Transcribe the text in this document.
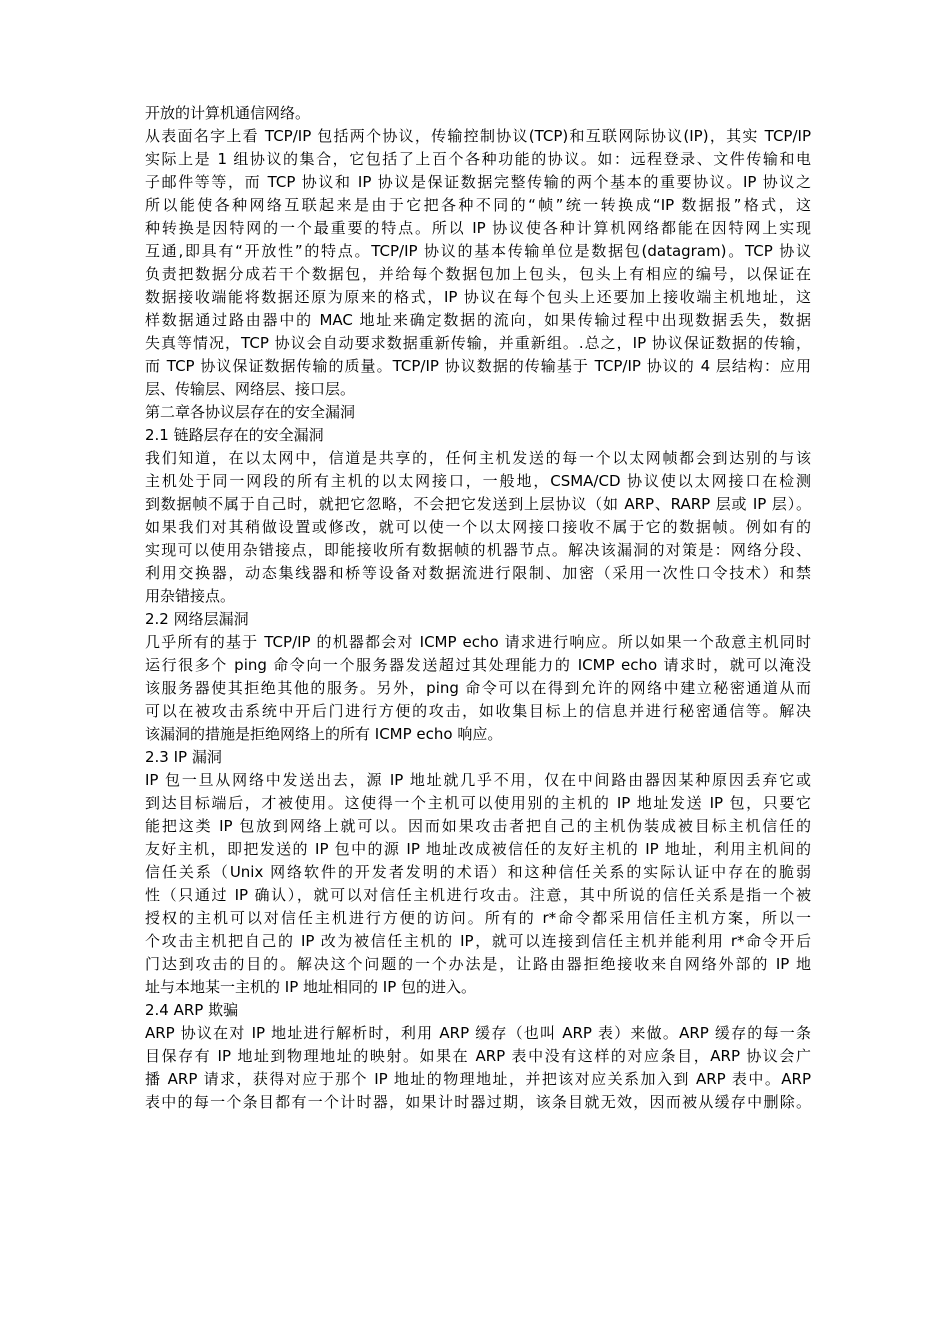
开放的计算机通信网络。
从表面名字上看 TCP/IP 包括两个协议，传输控制协议(TCP)和互联网际协议(IP)，其实 TCP/IP
实际上是 1 组协议的集合，它包括了上百个各种功能的协议。如：远程登录、文件传输和电
子邮件等等，而 TCP 协议和 IP 协议是保证数据完整传输的两个基本的重要协议。IP 协议之
所以能使各种网络互联起来是由于它把各种不同的“帧”统一转换成“IP 数据报”格式，这
种转换是因特网的一个最重要的特点。所以 IP 协议使各种计算机网络都能在因特网上实现
互通,即具有“开放性”的特点。TCP/IP 协议的基本传输单位是数据包(datagram)。TCP 协议
负责把数据分成若干个数据包，并给每个数据包加上包头，包头上有相应的编号，以保证在
数据接收端能将数据还原为原来的格式，IP 协议在每个包头上还要加上接收端主机地址，这
样数据通过路由器中的 MAC 地址来确定数据的流向，如果传输过程中出现数据丢失，数据
失真等情况，TCP 协议会自动要求数据重新传输，并重新组。.总之，IP 协议保证数据的传输，
而 TCP 协议保证数据传输的质量。TCP/IP 协议数据的传输基于 TCP/IP 协议的 4 层结构：应用
层、传输层、网络层、接口层。
第二章各协议层存在的安全漏洞
2.1 链路层存在的安全漏洞
我们知道，在以太网中，信道是共享的，任何主机发送的每一个以太网帧都会到达别的与该
主机处于同一网段的所有主机的以太网接口，一般地，CSMA/CD 协议使以太网接口在检测
到数据帧不属于自己时，就把它忽略，不会把它发送到上层协议（如 ARP、RARP 层或 IP 层）。
如果我们对其稍做设置或修改，就可以使一个以太网接口接收不属于它的数据帧。例如有的
实现可以使用杂错接点，即能接收所有数据帧的机器节点。解决该漏洞的对策是：网络分段、
利用交换器，动态集线器和桥等设备对数据流进行限制、加密（采用一次性口令技术）和禁
用杂错接点。
2.2 网络层漏洞
几乎所有的基于 TCP/IP 的机器都会对 ICMP echo 请求进行响应。所以如果一个敌意主机同时
运行很多个 ping 命令向一个服务器发送超过其处理能力的 ICMP echo 请求时，就可以淹没
该服务器使其拒绝其他的服务。另外，ping 命令可以在得到允许的网络中建立秘密通道从而
可以在被攻击系统中开后门进行方便的攻击，如收集目标上的信息并进行秘密通信等。解决
该漏洞的措施是拒绝网络上的所有 ICMP echo 响应。
2.3 IP 漏洞
IP 包一旦从网络中发送出去，源 IP 地址就几乎不用，仅在中间路由器因某种原因丢弃它或
到达目标端后，才被使用。这使得一个主机可以使用别的主机的 IP 地址发送 IP 包，只要它
能把这类 IP 包放到网络上就可以。因而如果攻击者把自己的主机伪装成被目标主机信任的
友好主机，即把发送的 IP 包中的源 IP 地址改成被信任的友好主机的 IP 地址，利用主机间的
信任关系（Unix 网络软件的开发者发明的术语）和这种信任关系的实际认证中存在的脆弱
性（只通过 IP 确认），就可以对信任主机进行攻击。注意，其中所说的信任关系是指一个被
授权的主机可以对信任主机进行方便的访问。所有的 r*命令都采用信任主机方案，所以一
个攻击主机把自己的 IP 改为被信任主机的 IP，就可以连接到信任主机并能利用 r*命令开后
门达到攻击的目的。解决这个问题的一个办法是，让路由器拒绝接收来自网络外部的 IP 地
址与本地某一主机的 IP 地址相同的 IP 包的进入。
2.4 ARP 欺骗
ARP 协议在对 IP 地址进行解析时，利用 ARP 缓存（也叫 ARP 表）来做。ARP 缓存的每一条
目保存有 IP 地址到物理地址的映射。如果在 ARP 表中没有这样的对应条目，ARP 协议会广
播 ARP 请求，获得对应于那个 IP 地址的物理地址，并把该对应关系加入到 ARP 表中。ARP
表中的每一个条目都有一个计时器，如果计时器过期，该条目就无效，因而被从缓存中删除。
